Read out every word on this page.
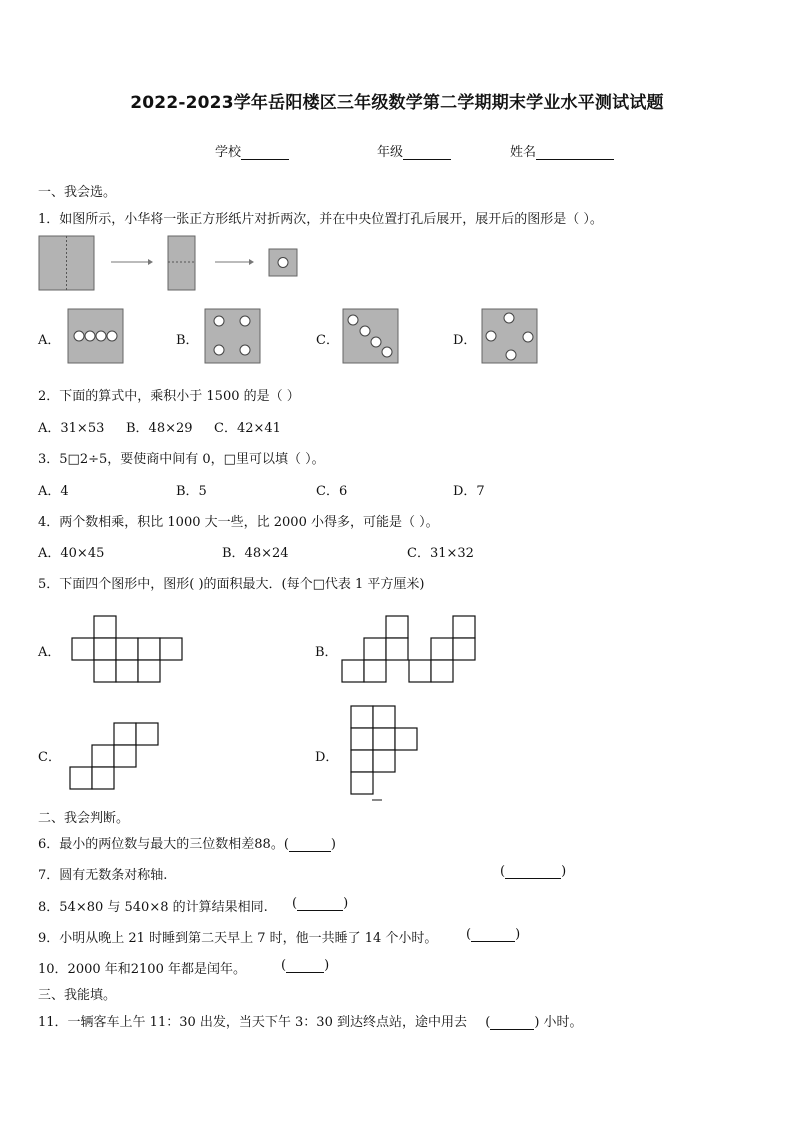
2022-2023学年岳阳楼区三年级数学第二学期期末学业水平测试试题
学校	年级	姓名
一、我会选。
1．如图所示，小华将一张正方形纸片对折两次，并在中央位置打孔后展开，展开后的图形是（ ）。
A．	B．	C．	D．
2．下面的算式中，乘积小于 1500 的是（ ）
A．31×53 B．48×29 C．42×41
3．5□2÷5，要使商中间有 0，□里可以填（ ）。
A．4	B．5	C．6	D．7
4．两个数相乘，积比 1000 大一些，比 2000 小得多，可能是（ ）。
A．40×45	B．48×24	C．31×32
5．下面四个图形中，图形( )的面积最大．(每个□代表 1 平方厘米)
A．	B．
C．	D．
二、我会判断。
6．最小的两位数与最大的三位数相差88。(	)
7．圆有无数条对称轴.	(	)
8．54×80 与 540×8 的计算结果相同. (	)
9．小明从晚上 21 时睡到第二天早上 7 时，他一共睡了 14 个小时。 (	)
10．2000 年和2100 年都是闰年。	(	)
三、我能填。
11．一辆客车上午 11：30 出发，当天下午 3：30 到达终点站，途中用去 (	) 小时。
